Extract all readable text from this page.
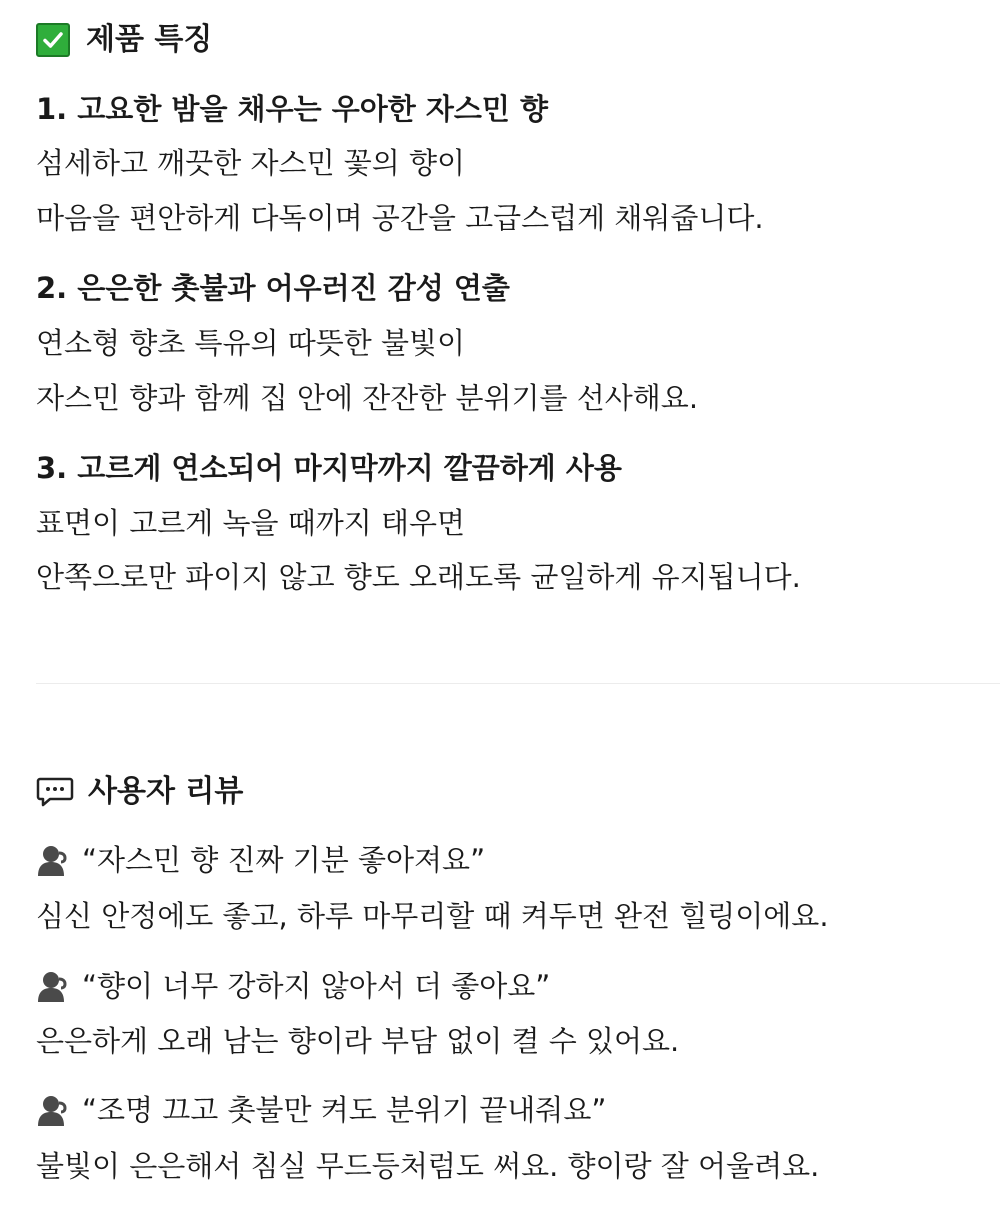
제품 특징
1. 고요한 밤을 채우는 우아한 자스민 향
섬세하고 깨끗한 자스민 꽃의 향이
마음을 편안하게 다독이며 공간을 고급스럽게 채워줍니다.
2. 은은한 촛불과 어우러진 감성 연출
연소형 향초 특유의 따뜻한 불빛이
자스민 향과 함께 집 안에 잔잔한 분위기를 선사해요.
3. 고르게 연소되어 마지막까지 깔끔하게 사용
표면이 고르게 녹을 때까지 태우면
안쪽으로만 파이지 않고 향도 오래도록 균일하게 유지됩니다.
사용자 리뷰
“자스민 향 진짜 기분 좋아져요”
심신 안정에도 좋고, 하루 마무리할 때 켜두면 완전 힐링이에요.
“향이 너무 강하지 않아서 더 좋아요”
은은하게 오래 남는 향이라 부담 없이 켤 수 있어요.
“조명 끄고 촛불만 켜도 분위기 끝내줘요”
불빛이 은은해서 침실 무드등처럼도 써요. 향이랑 잘 어울려요.
